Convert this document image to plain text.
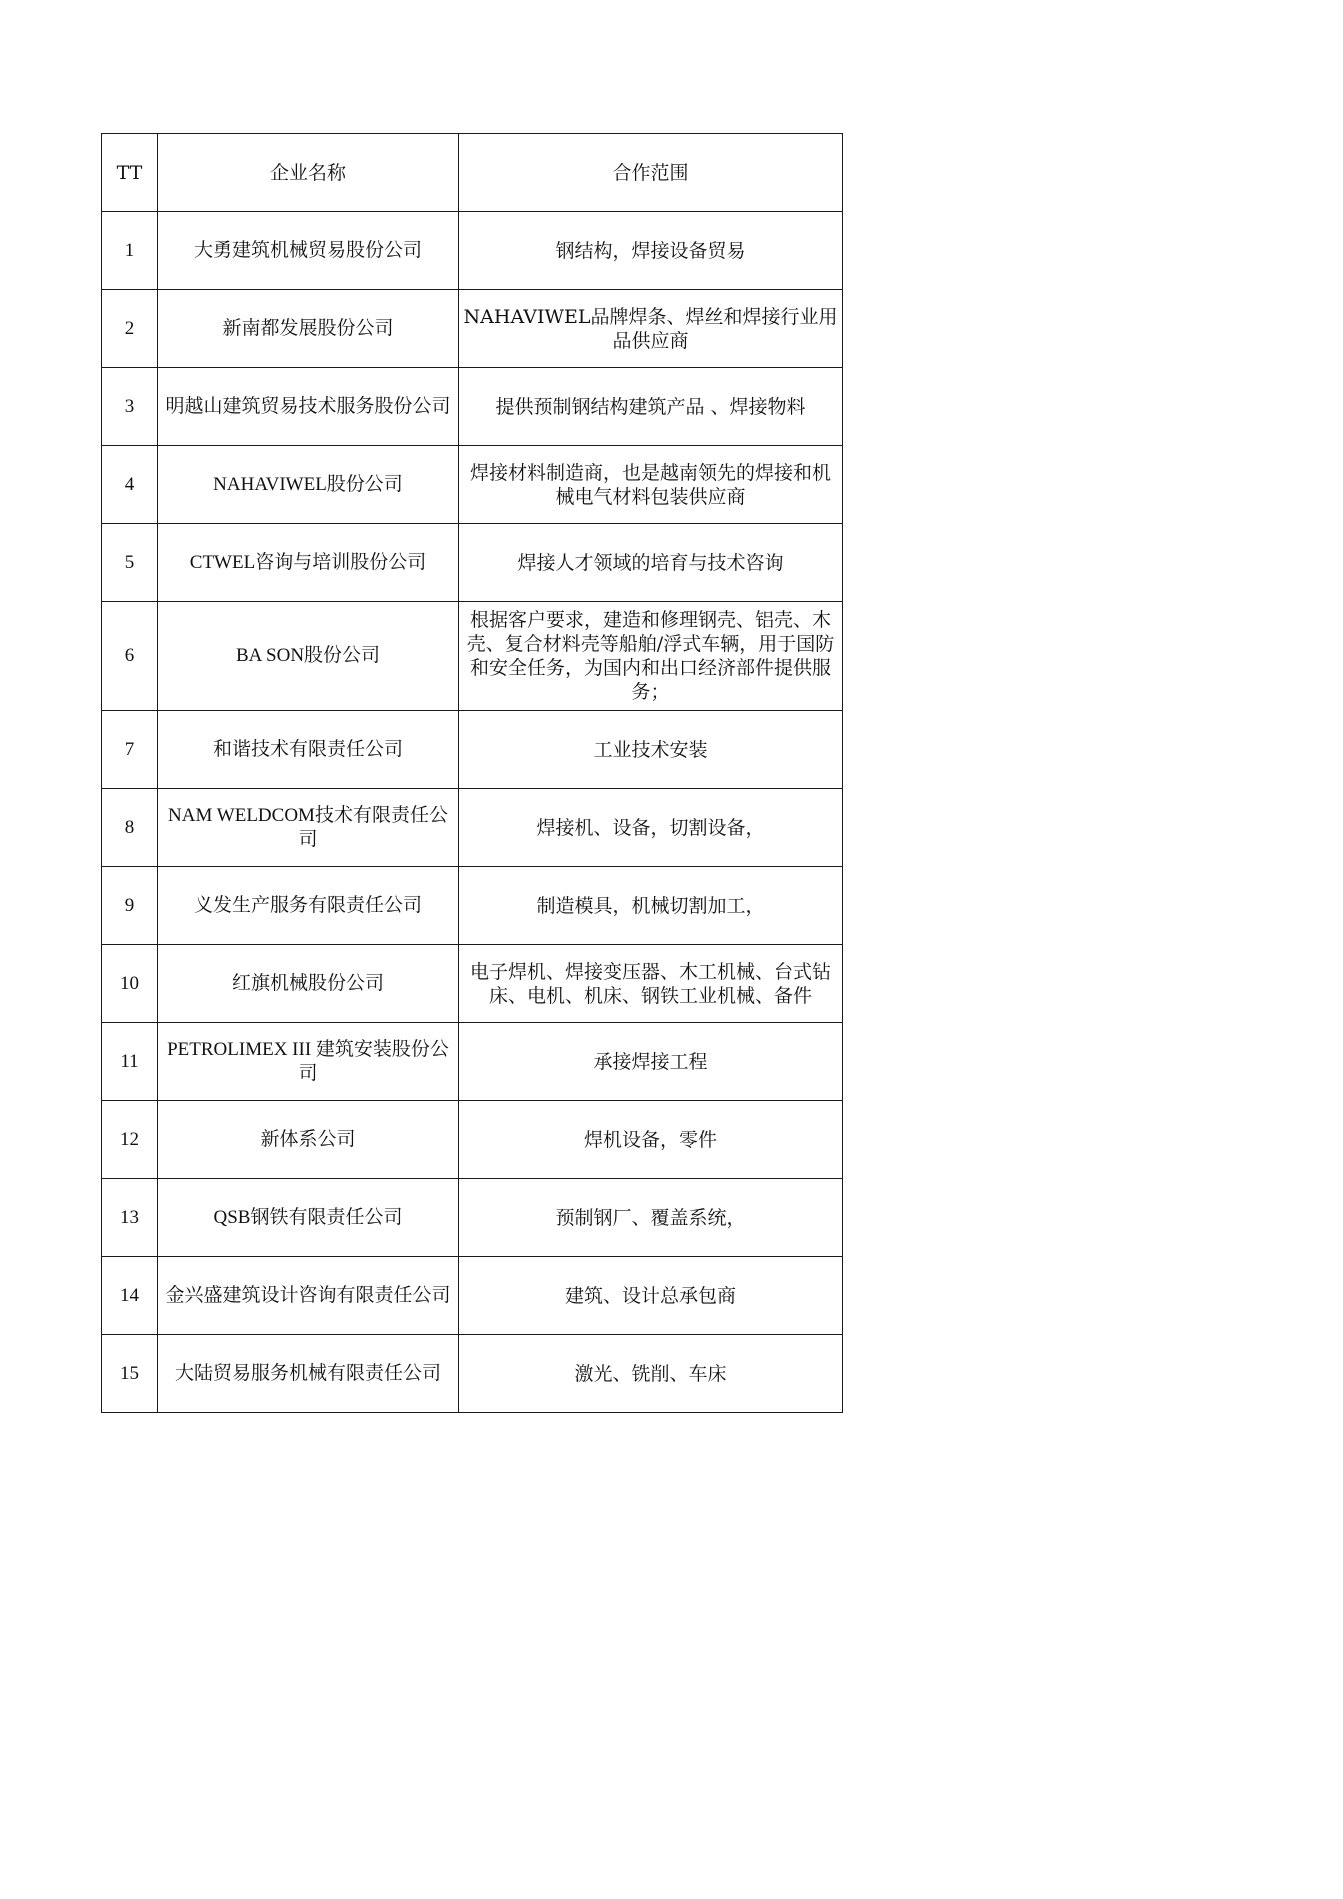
TT	企业名称	合作范围
1	大勇建筑机械贸易股份公司	钢结构，焊接设备贸易
2	新南都发展股份公司	NAHAVIWEL品牌焊条、焊丝和焊接行业用品供应商
3	明越山建筑贸易技术服务股份公司	提供预制钢结构建筑产品 、焊接物料
4	NAHAVIWEL股份公司	焊接材料制造商，也是越南领先的焊接和机械电气材料包装供应商
5	CTWEL咨询与培训股份公司	焊接人才领域的培育与技术咨询
6	BA SON股份公司	根据客户要求，建造和修理钢壳、铝壳、木壳、复合材料壳等船舶/浮式车辆，用于国防和安全任务，为国内和出口经济部件提供服务；
7	和谐技术有限责任公司	工业技术安装
8	NAM WELDCOM技术有限责任公司	焊接机、设备，切割设备，
9	义发生产服务有限责任公司	制造模具，机械切割加工，
10	红旗机械股份公司	电子焊机、焊接变压器、木工机械、台式钻床、电机、机床、钢铁工业机械、备件
11	PETROLIMEX III 建筑安装股份公司	承接焊接工程
12	新体系公司	焊机设备，零件
13	QSB钢铁有限责任公司	预制钢厂、覆盖系统，
14	金兴盛建筑设计咨询有限责任公司	建筑、设计总承包商
15	大陆贸易服务机械有限责任公司	激光、铣削、车床
